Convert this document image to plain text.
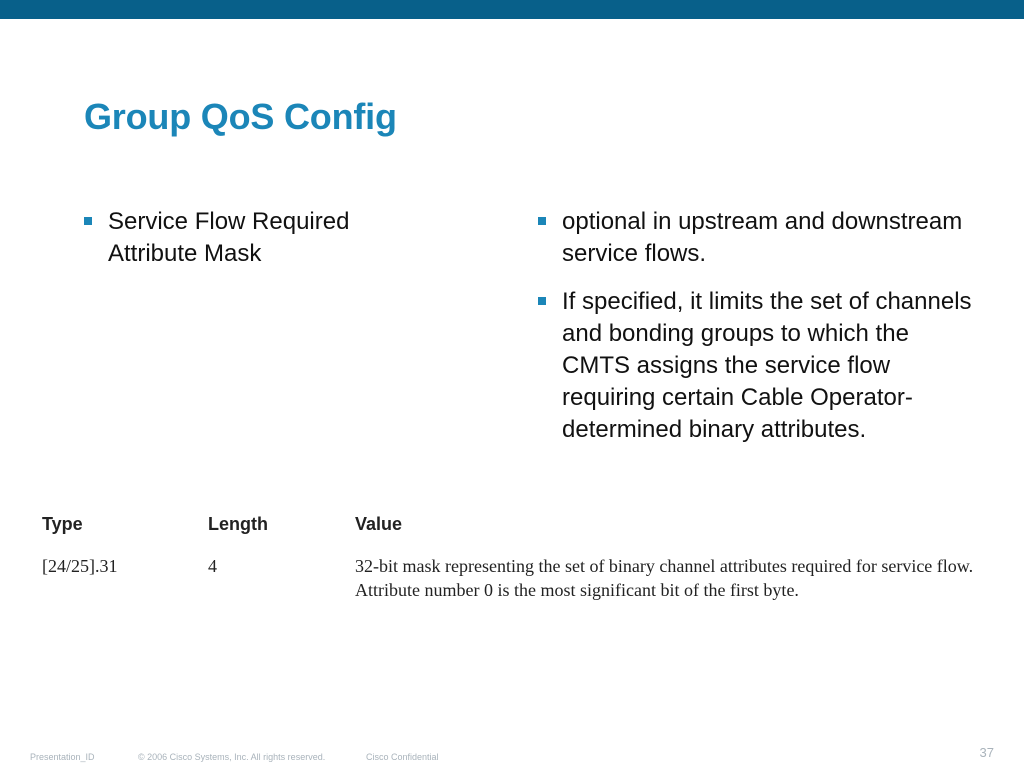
Group QoS Config
Service Flow Required Attribute Mask
optional in upstream and downstream service flows.
If specified, it limits the set of channels and bonding groups to which the CMTS assigns the service flow requiring certain Cable Operator-determined binary attributes.
Type	Length	Value
[24/25].31	4	32-bit mask representing the set of binary channel attributes required for service flow. Attribute number 0 is the most significant bit of the first byte.
Presentation_ID	© 2006 Cisco Systems, Inc. All rights reserved.	Cisco Confidential	37
